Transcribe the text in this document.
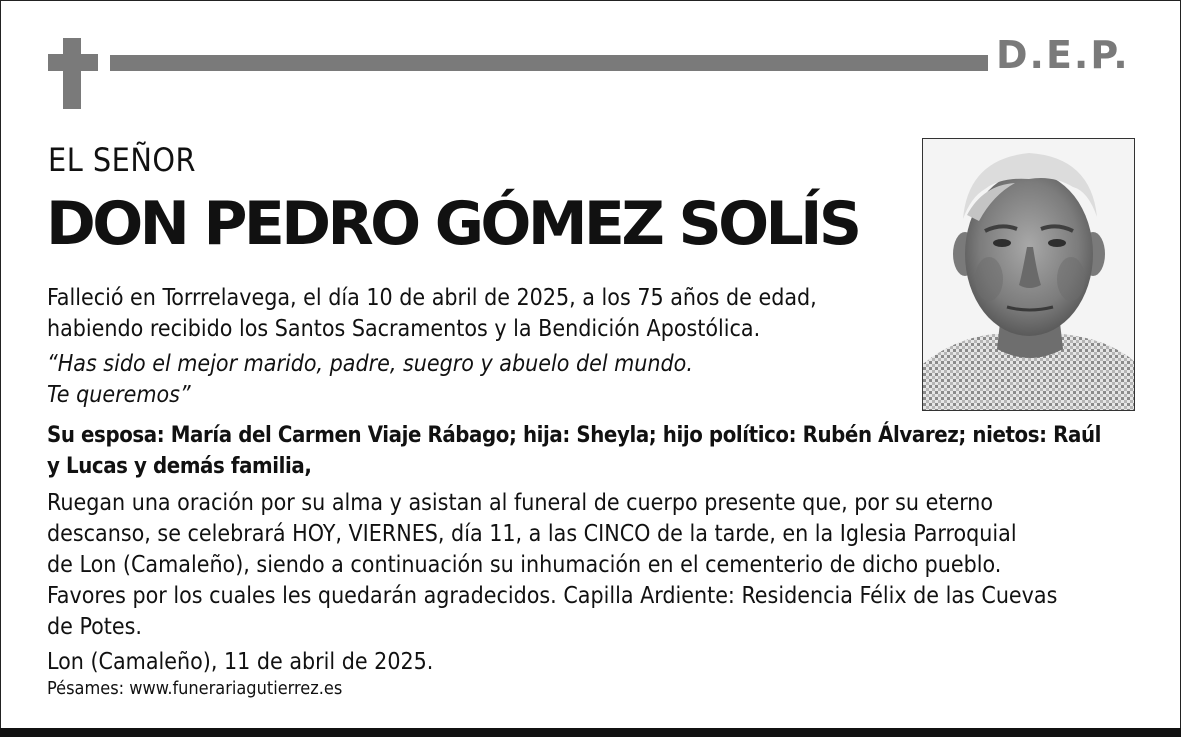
D.E.P.
EL SEÑOR
DON PEDRO GÓMEZ SOLÍS
Falleció en Torrrelavega, el día 10 de abril de 2025, a los 75 años de edad,
habiendo recibido los Santos Sacramentos y la Bendición Apostólica.
“Has sido el mejor marido, padre, suegro y abuelo del mundo.
Te queremos”
Su esposa: María del Carmen Viaje Rábago; hija: Sheyla; hijo político: Rubén Álvarez; nietos: Raúl
y Lucas y demás familia,
Ruegan una oración por su alma y asistan al funeral de cuerpo presente que, por su eterno
descanso, se celebrará HOY, VIERNES, día 11, a las CINCO de la tarde, en la Iglesia Parroquial
de Lon (Camaleño), siendo a continuación su inhumación en el cementerio de dicho pueblo.
Favores por los cuales les quedarán agradecidos. Capilla Ardiente: Residencia Félix de las Cuevas
de Potes.
Lon (Camaleño), 11 de abril de 2025.
Pésames: www.funerariagutierrez.es
